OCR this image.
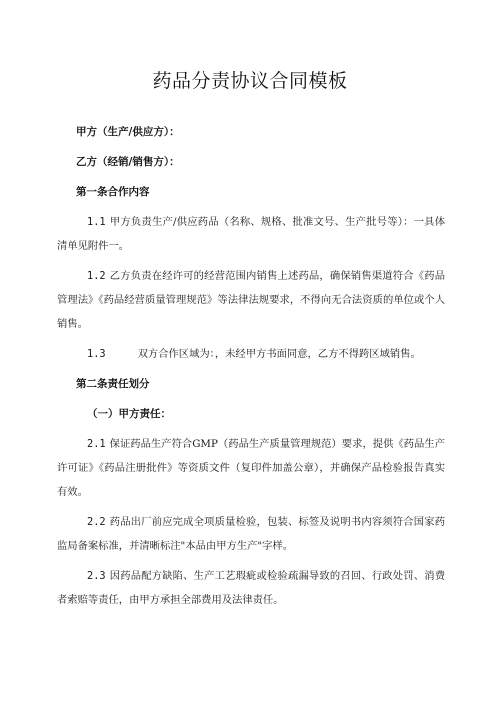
药品分责协议合同模板
甲方（生产/供应方）：
乙方（经销/销售方）：
第一条合作内容
1.1 甲方负责生产/供应药品（名称、规格、批准文号、生产批号等）：一具体清单见附件一。
1.2 乙方负责在经许可的经营范围内销售上述药品，确保销售渠道符合《药品管理法》《药品经营质量管理规范》等法律法规要求，不得向无合法资质的单位或个人销售。
1.3	双方合作区域为：，未经甲方书面同意，乙方不得跨区域销售。
第二条责任划分
（一）甲方责任：
2.1 保证药品生产符合GMP（药品生产质量管理规范）要求，提供《药品生产许可证》《药品注册批件》等资质文件（复印件加盖公章），并确保产品检验报告真实有效。
2.2 药品出厂前应完成全项质量检验，包装、标签及说明书内容须符合国家药监局备案标准，并清晰标注"本品由甲方生产"字样。
2.3 因药品配方缺陷、生产工艺瑕疵或检验疏漏导致的召回、行政处罚、消费者索赔等责任，由甲方承担全部费用及法律责任。
